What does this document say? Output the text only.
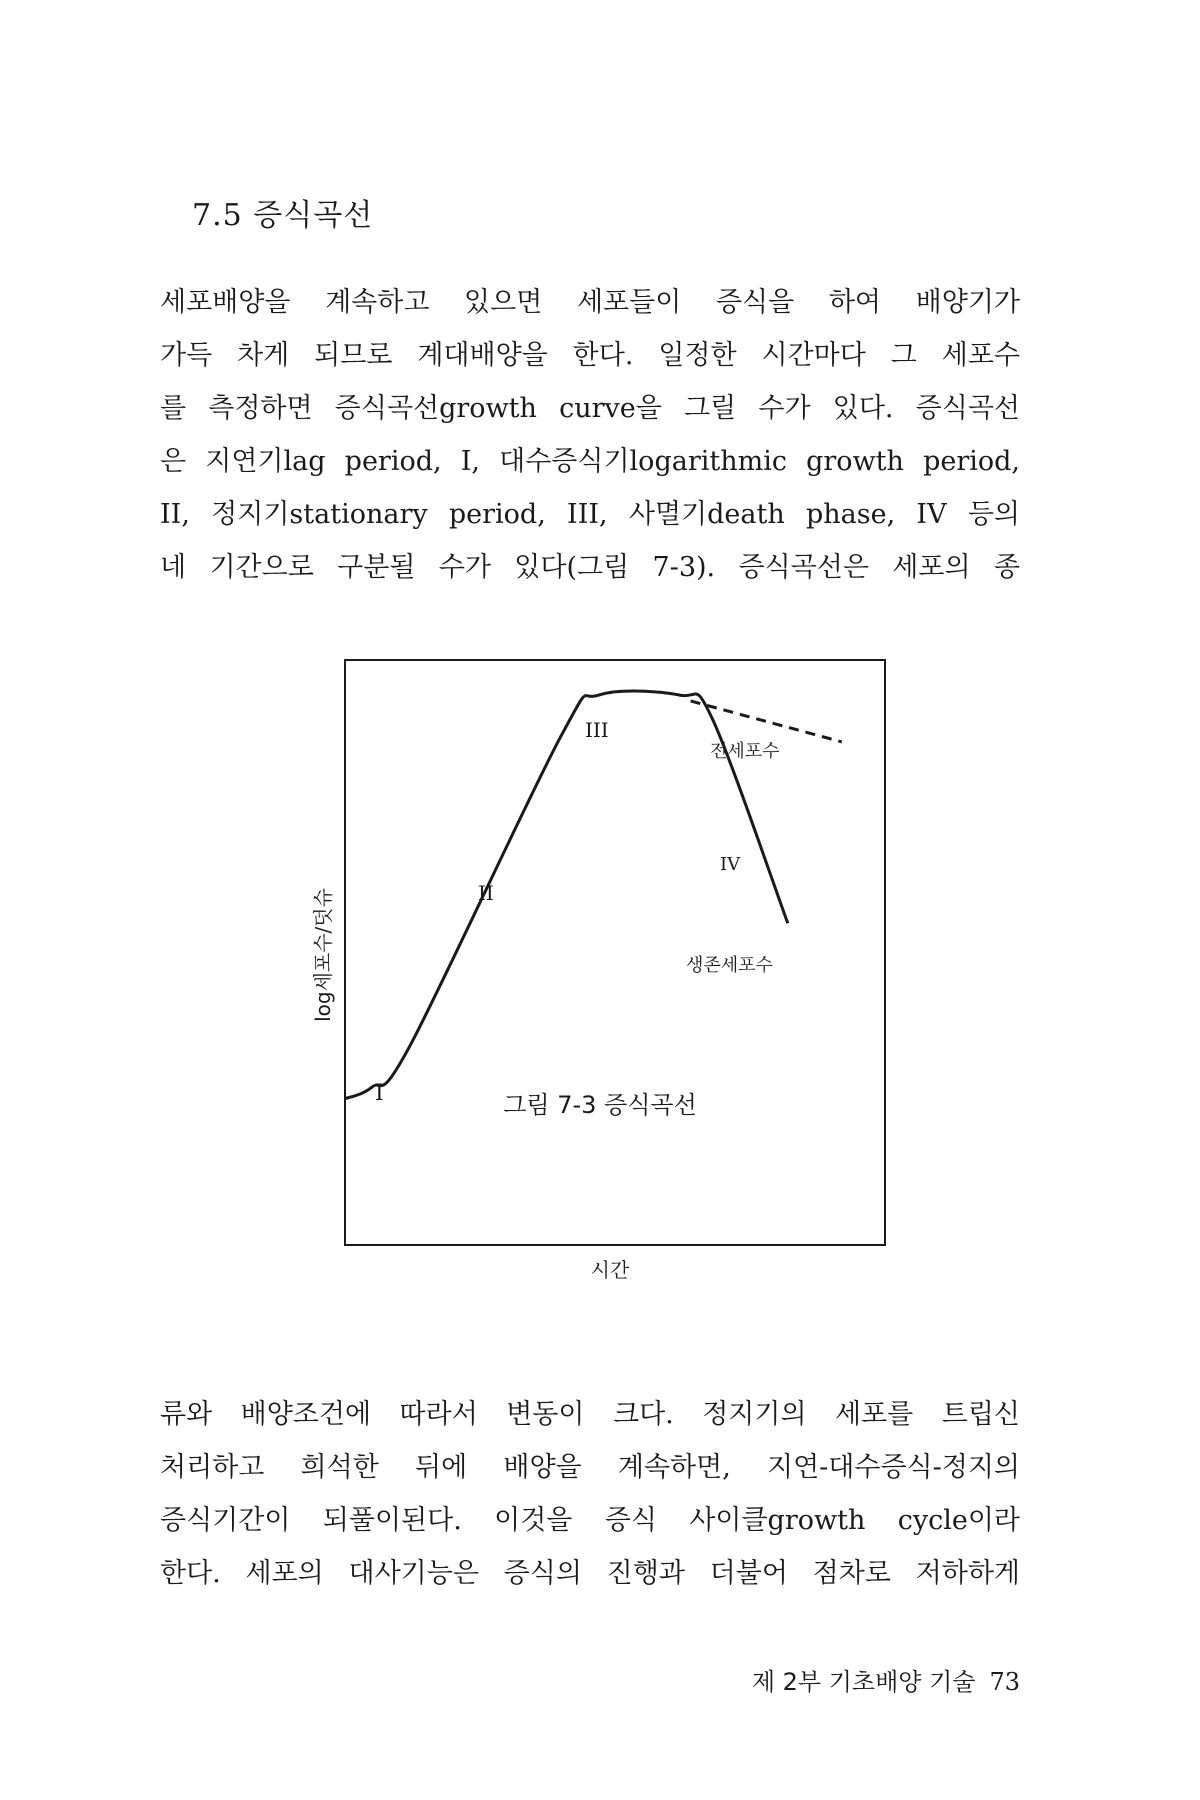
7.5 증식곡선

세포배양을 계속하고 있으면 세포들이 증식을 하여 배양기가
가득 차게 되므로 계대배양을 한다. 일정한 시간마다 그 세포수
를 측정하면 증식곡선growth curve을 그릴 수가 있다. 증식곡선
은 지연기lag period, I, 대수증식기logarithmic growth period,
II, 정지기stationary period, III, 사멸기death phase, IV 등의
네 기간으로 구분될 수가 있다(그림 7-3). 증식곡선은 세포의 종

log세포수/덧슈
I
II
III
IV
전세포수
생존세포수
시간

그림 7-3 증식곡선

류와 배양조건에 따라서 변동이 크다. 정지기의 세포를 트립신
처리하고 희석한 뒤에 배양을 계속하면, 지연-대수증식-정지의
증식기간이 되풀이된다. 이것을 증식 사이클growth cycle이라
한다. 세포의 대사기능은 증식의 진행과 더불어 점차로 저하하게

제 2부 기초배양 기술 73
